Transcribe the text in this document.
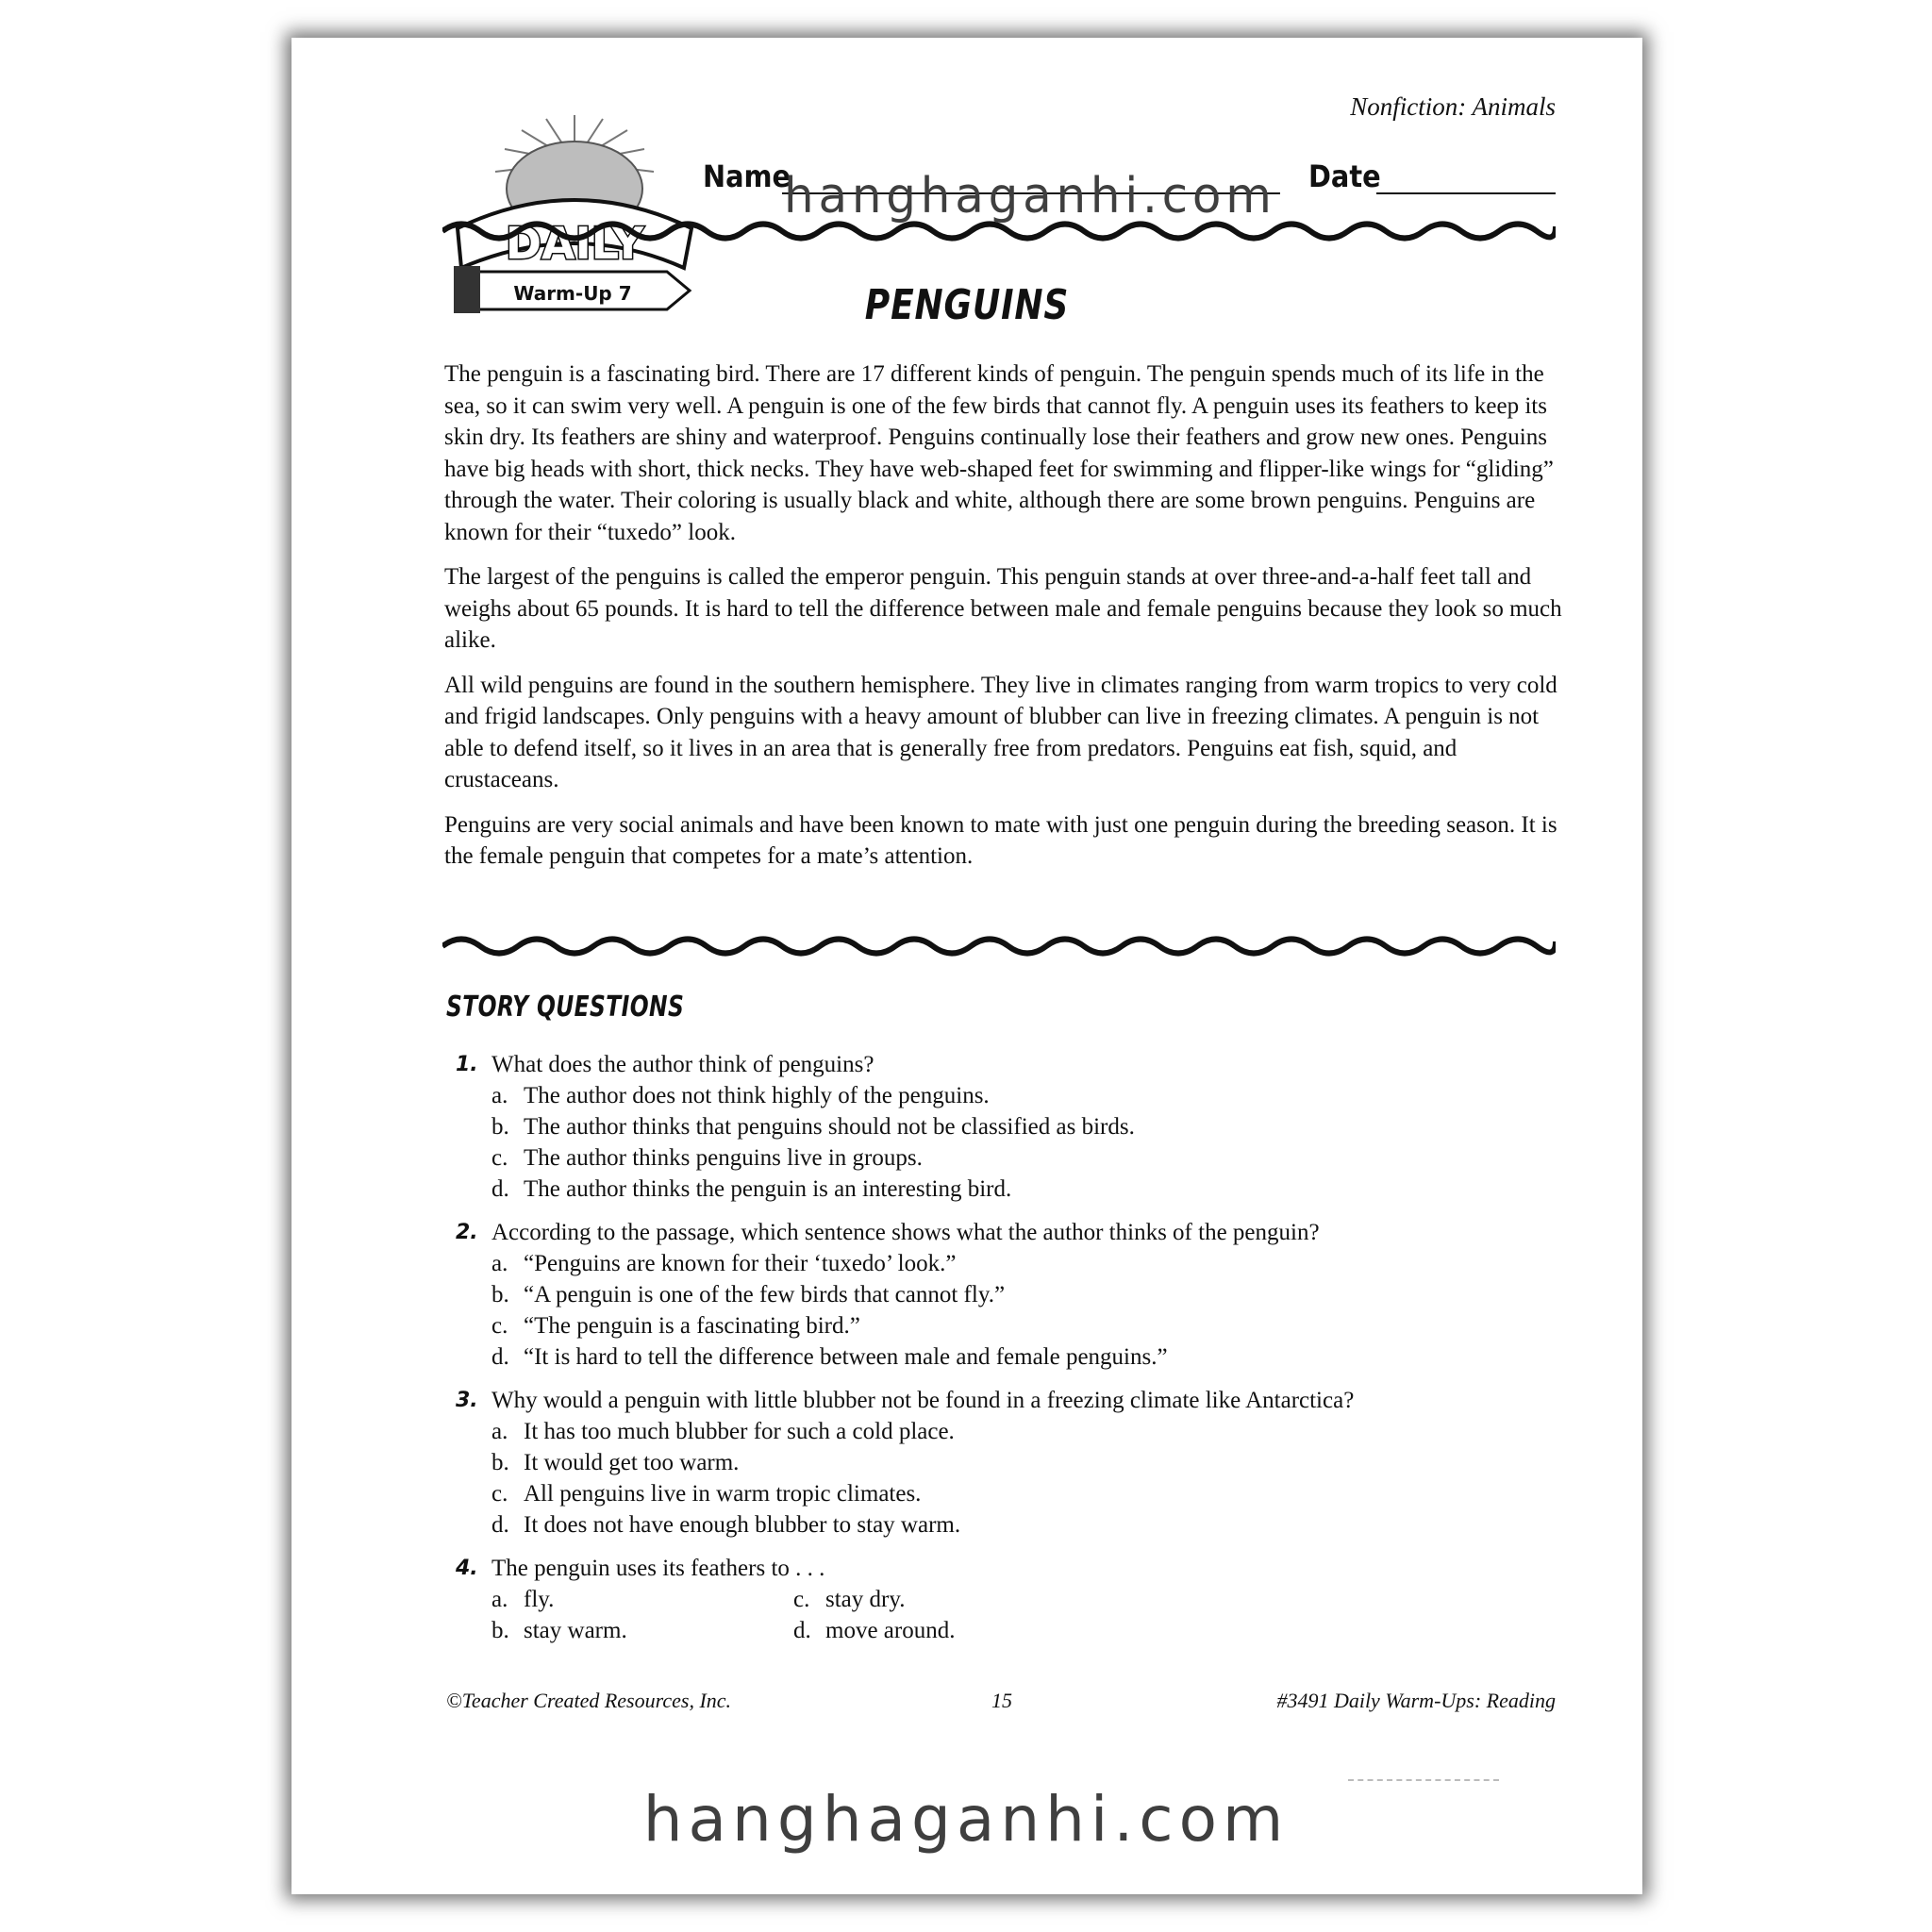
Nonfiction: Animals
DAILY
Warm-Up 7
Name	Date
PENGUINS

The penguin is a fascinating bird. There are 17 different kinds of penguin. The penguin spends much of its life in the sea, so it can swim very well. A penguin is one of the few birds that cannot fly. A penguin uses its feathers to keep its skin dry. Its feathers are shiny and waterproof. Penguins continually lose their feathers and grow new ones. Penguins have big heads with short, thick necks. They have web-shaped feet for swimming and flipper-like wings for “gliding” through the water. Their coloring is usually black and white, although there are some brown penguins. Penguins are known for their “tuxedo” look.

The largest of the penguins is called the emperor penguin. This penguin stands at over three-and-a-half feet tall and weighs about 65 pounds. It is hard to tell the difference between male and female penguins because they look so much alike.

All wild penguins are found in the southern hemisphere. They live in climates ranging from warm tropics to very cold and frigid landscapes. Only penguins with a heavy amount of blubber can live in freezing climates. A penguin is not able to defend itself, so it lives in an area that is generally free from predators. Penguins eat fish, squid, and crustaceans.

Penguins are very social animals and have been known to mate with just one penguin during the breeding season. It is the female penguin that competes for a mate’s attention.

STORY QUESTIONS
1. What does the author think of penguins?
a. The author does not think highly of the penguins.
b. The author thinks that penguins should not be classified as birds.
c. The author thinks penguins live in groups.
d. The author thinks the penguin is an interesting bird.
2. According to the passage, which sentence shows what the author thinks of the penguin?
a. “Penguins are known for their ‘tuxedo’ look.”
b. “A penguin is one of the few birds that cannot fly.”
c. “The penguin is a fascinating bird.”
d. “It is hard to tell the difference between male and female penguins.”
3. Why would a penguin with little blubber not be found in a freezing climate like Antarctica?
a. It has too much blubber for such a cold place.
b. It would get too warm.
c. All penguins live in warm tropic climates.
d. It does not have enough blubber to stay warm.
4. The penguin uses its feathers to . . .
a. fly.	c. stay dry.
b. stay warm.	d. move around.
©Teacher Created Resources, Inc.	15	#3491 Daily Warm-Ups: Reading
hanghaganhi.com
hanghaganhi.com
